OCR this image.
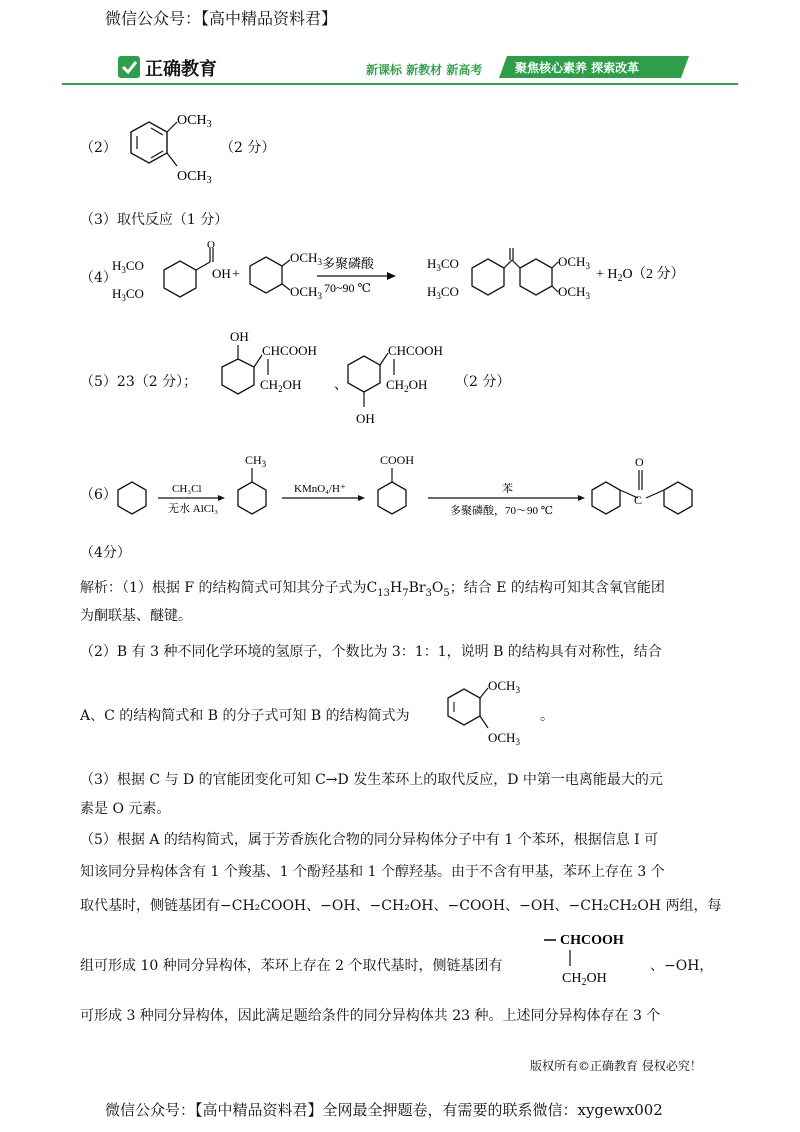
微信公众号：【高中精品资料君】
正确教育	新课标 新教材 新高考	聚焦核心素养 探索改革
（2）
$OCH_3$
$OCH_3$
（2 分）
（3）取代反应（1 分）
（4）
$H_3CO$
$H_3CO$
O
OH +
$OCH_3$
$OCH_3$
多聚磷酸
70~90 ℃
$H_3CO$
$H_3CO$
$OCH_3$
$OCH_3$
+ $H_2O$ （2 分）
（5）23（2 分）；
OH
CHCOOH
$CH_2OH$ 、
CHCOOH
$CH_2OH$
OH
（2 分）
（6）	CH₃Cl
无水 AlCl₃
$CH_3$
KMnO₄/H⁺
COOH
苯
多聚磷酸，70～90 ℃
C
O
（4分）
解析：（1）根据 F 的结构简式可知其分子式为$C_{13}H_7Br_3O_5$；结合 E 的结构可知其含氧官能团
为酮联基、醚键。
（2）B 有 3 种不同化学环境的氢原子，个数比为 3：1：1，说明 B 的结构具有对称性，结合
A、C 的结构简式和 B 的分子式可知 B 的结构简式为
$OCH_3$
$OCH_3$
。
（3）根据 C 与 D 的官能团变化可知 C→D 发生苯环上的取代反应，D 中第一电离能最大的元
素是 O 元素。
（5）根据 A 的结构简式，属于芳香族化合物的同分异构体分子中有 1 个苯环，根据信息 I 可
知该同分异构体含有 1 个羧基、1 个酚羟基和 1 个醇羟基。由于不含有甲基，苯环上存在 3 个
取代基时，侧链基团有−CH₂COOH、−OH、−CH₂OH、−COOH、−OH、−CH₂CH₂OH 两组，每
组可形成 10 种同分异构体，苯环上存在 2 个取代基时，侧链基团有
CHCOOH
$CH_2OH$
、−OH，
可形成 3 种同分异构体，因此满足题给条件的同分异构体共 23 种。上述同分异构体存在 3 个
版权所有©正确教育 侵权必究！
微信公众号：【高中精品资料君】全网最全押题卷，有需要的联系微信：xygewx002
